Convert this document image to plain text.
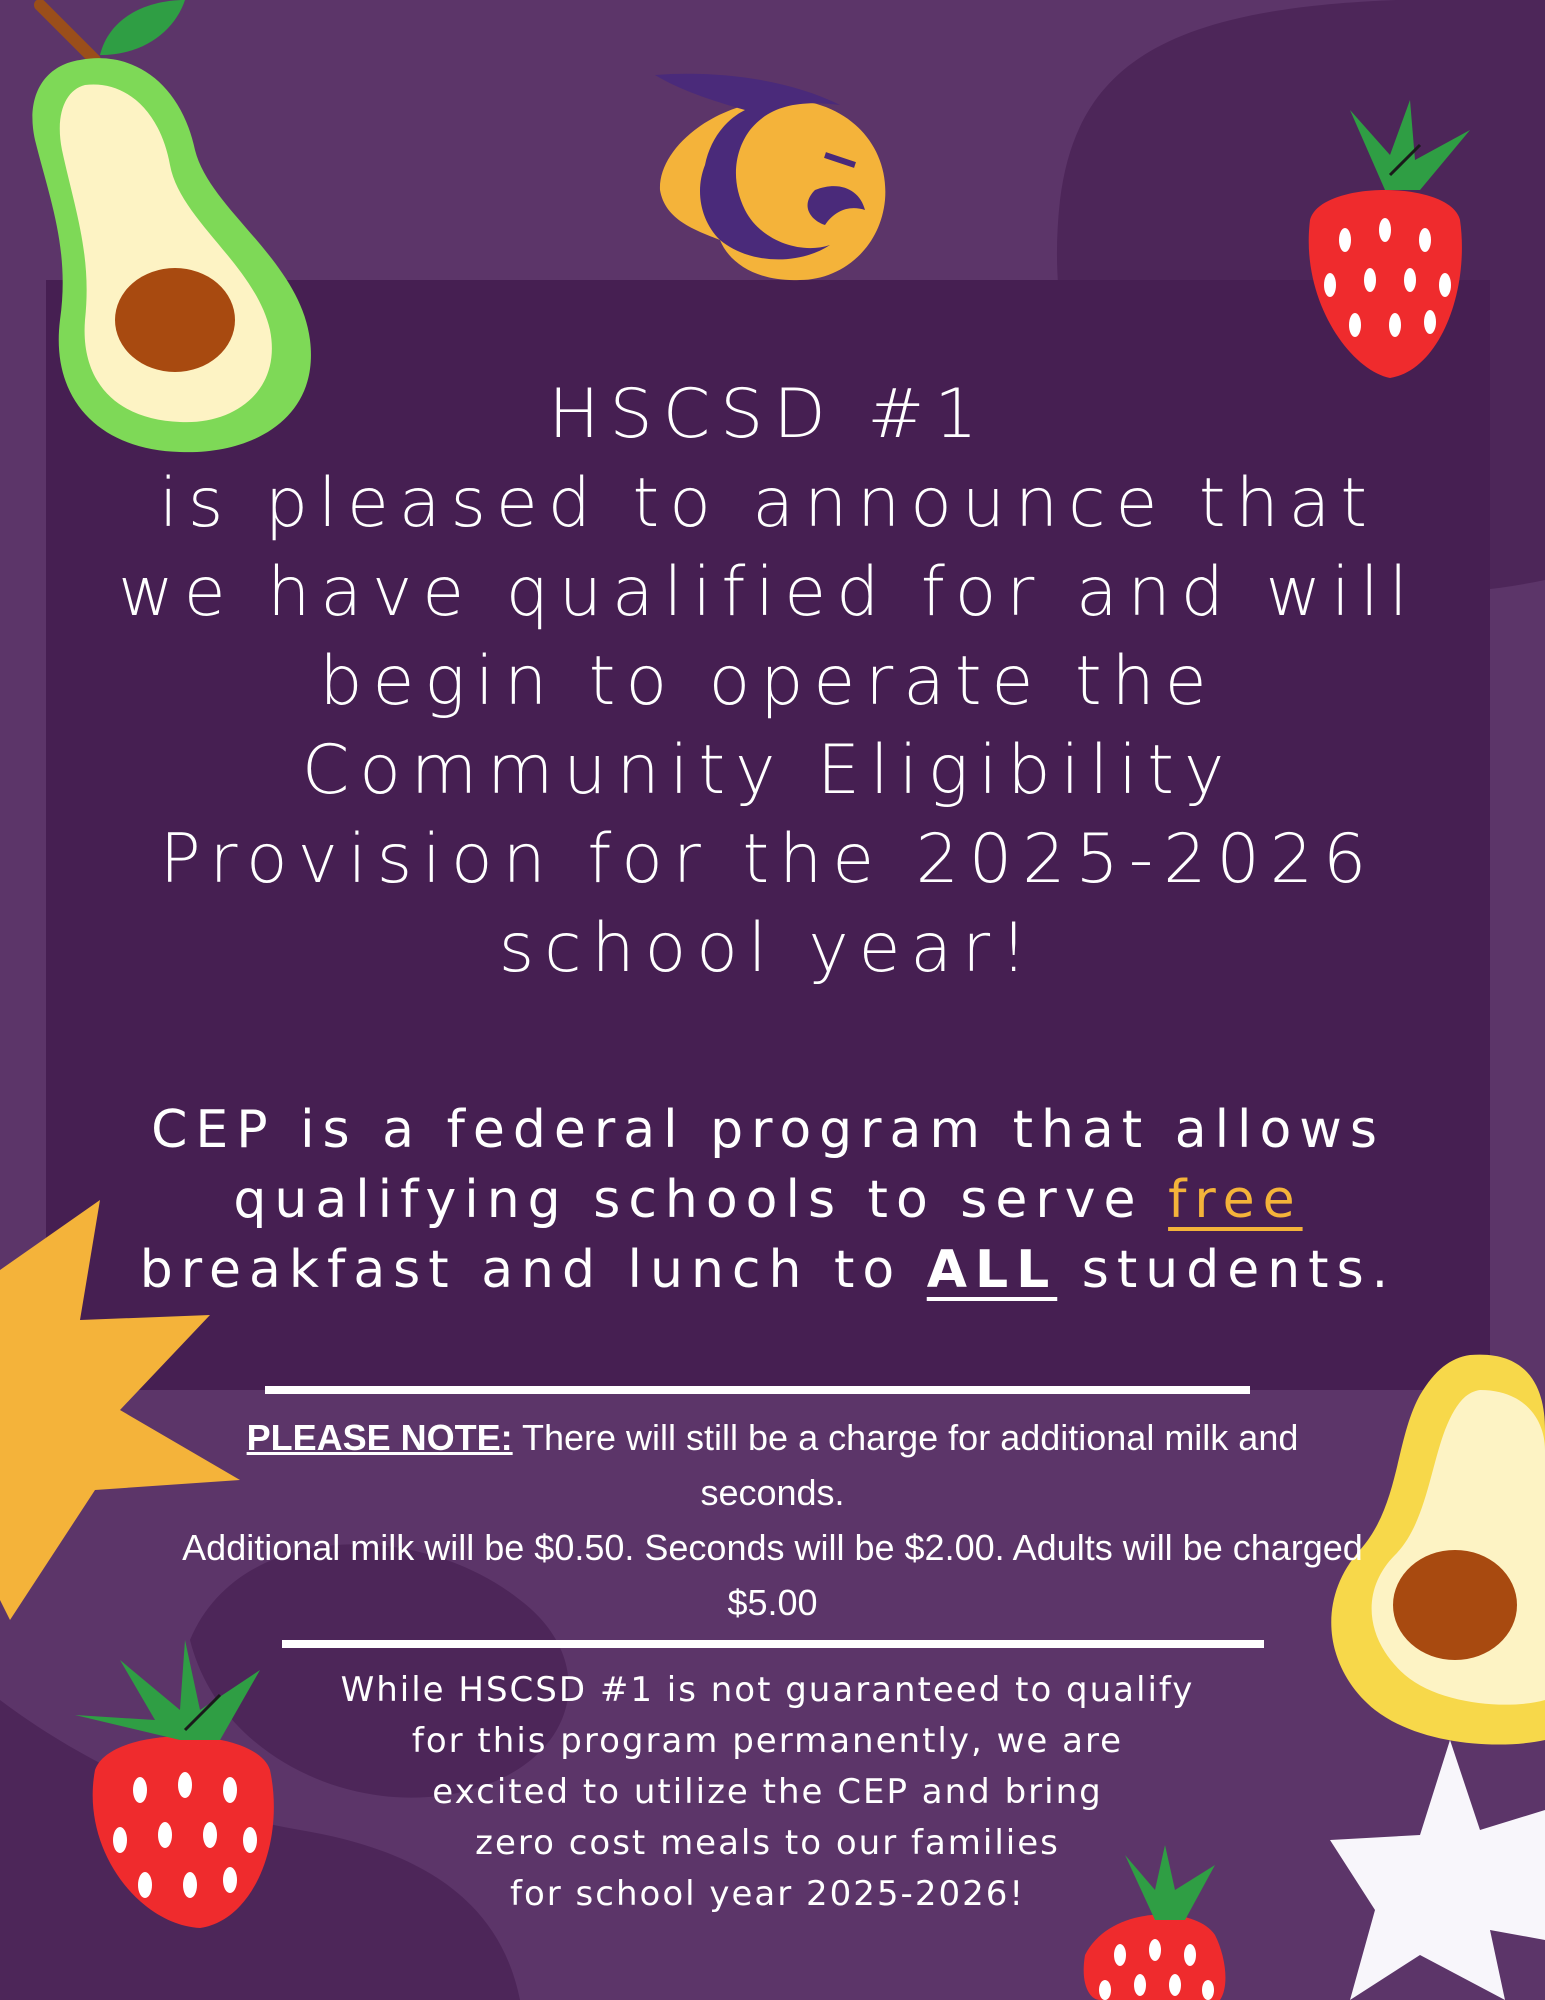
HSCSD #1
is pleased to announce that
we have qualified for and will
begin to operate the
Community Eligibility
Provision for the 2025-2026
school year!

CEP is a federal program that allows
qualifying schools to serve free
breakfast and lunch to ALL students.

PLEASE NOTE: There will still be a charge for additional milk and seconds.
Additional milk will be $0.50. Seconds will be $2.00. Adults will be charged $5.00

While HSCSD #1 is not guaranteed to qualify
for this program permanently, we are
excited to utilize the CEP and bring
zero cost meals to our families
for school year 2025-2026!
